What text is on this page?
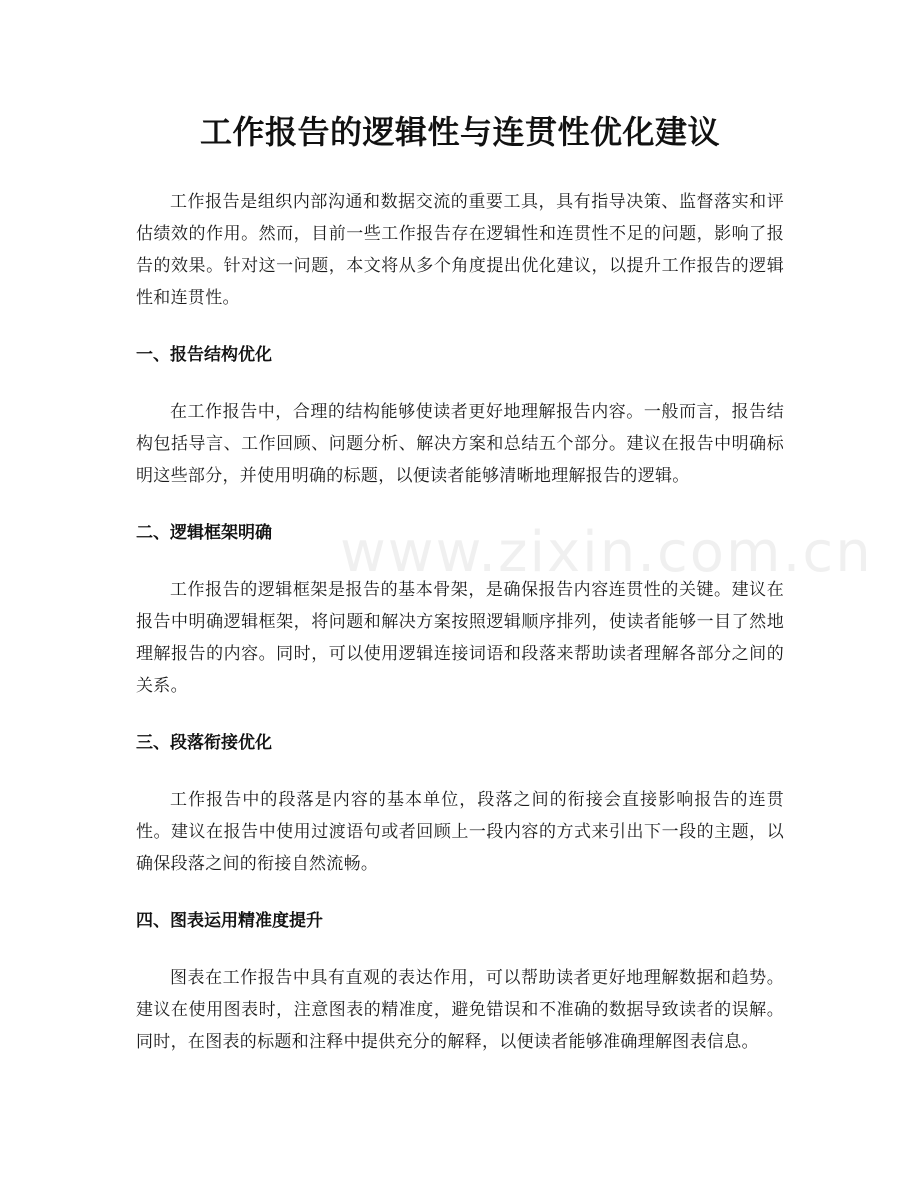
工作报告的逻辑性与连贯性优化建议

工作报告是组织内部沟通和数据交流的重要工具，具有指导决策、监督落实和评估绩效的作用。然而，目前一些工作报告存在逻辑性和连贯性不足的问题，影响了报告的效果。针对这一问题，本文将从多个角度提出优化建议，以提升工作报告的逻辑性和连贯性。

一、报告结构优化

在工作报告中，合理的结构能够使读者更好地理解报告内容。一般而言，报告结构包括导言、工作回顾、问题分析、解决方案和总结五个部分。建议在报告中明确标明这些部分，并使用明确的标题，以便读者能够清晰地理解报告的逻辑。

二、逻辑框架明确

工作报告的逻辑框架是报告的基本骨架，是确保报告内容连贯性的关键。建议在报告中明确逻辑框架，将问题和解决方案按照逻辑顺序排列，使读者能够一目了然地理解报告的内容。同时，可以使用逻辑连接词语和段落来帮助读者理解各部分之间的关系。

三、段落衔接优化

工作报告中的段落是内容的基本单位，段落之间的衔接会直接影响报告的连贯性。建议在报告中使用过渡语句或者回顾上一段内容的方式来引出下一段的主题，以确保段落之间的衔接自然流畅。

四、图表运用精准度提升

图表在工作报告中具有直观的表达作用，可以帮助读者更好地理解数据和趋势。建议在使用图表时，注意图表的精准度，避免错误和不准确的数据导致读者的误解。同时，在图表的标题和注释中提供充分的解释，以便读者能够准确理解图表信息。

www.zixin.com.cn
